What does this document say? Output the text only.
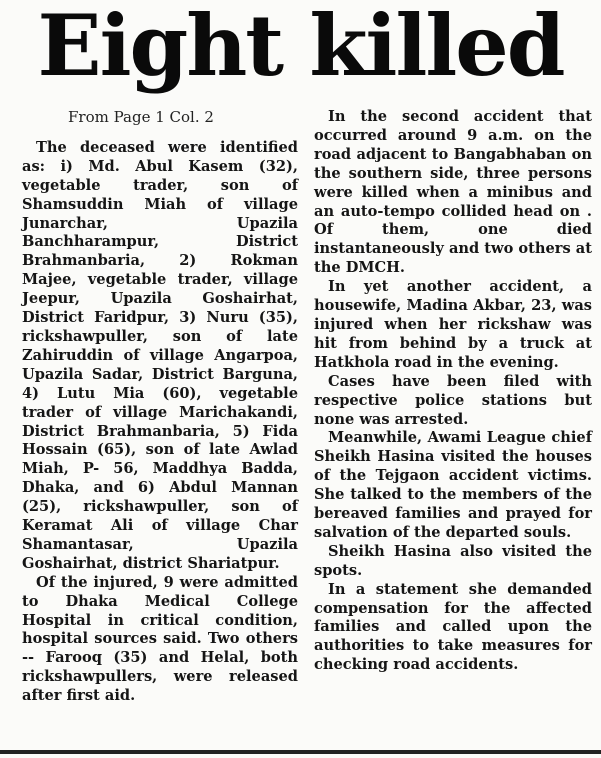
Eight killed

From Page 1 Col. 2

The deceased were identified as: i) Md. Abul Kasem (32), vegetable trader, son of Shamsuddin Miah of village Junarchar, Upazila Banchharampur, District Brahmanbaria, 2) Rokman Majee, vegetable trader, village Jeepur, Upazila Goshairhat, District Faridpur, 3) Nuru (35), rickshawpuller, son of late Zahiruddin of village Angarpoa, Upazila Sadar, District Barguna, 4) Lutu Mia (60), vegetable trader of village Marichakandi, District Brahmanbaria, 5) Fida Hossain (65), son of late Awlad Miah, P- 56, Maddhya Badda, Dhaka, and 6) Abdul Mannan (25), rickshawpuller, son of Keramat Ali of village Char Shamantasar, Upazila Goshairhat, district Shariatpur.

Of the injured, 9 were admitted to Dhaka Medical College Hospital in critical condition, hospital sources said. Two others -- Farooq (35) and Helal, both rickshawpullers, were released after first aid.

In the second accident that occurred around 9 a.m. on the road adjacent to Bangabhaban on the southern side, three persons were killed when a minibus and an auto-tempo collided head on . Of them, one died instantaneously and two others at the DMCH.

In yet another accident, a housewife, Madina Akbar, 23, was injured when her rickshaw was hit from behind by a truck at Hatkhola road in the evening.

Cases have been filed with respective police stations but none was arrested.

Meanwhile, Awami League chief Sheikh Hasina visited the houses of the Tejgaon accident victims. She talked to the members of the bereaved families and prayed for salvation of the departed souls.

Sheikh Hasina also visited the spots.

In a statement she demanded compensation for the affected families and called upon the authorities to take measures for checking road accidents.
